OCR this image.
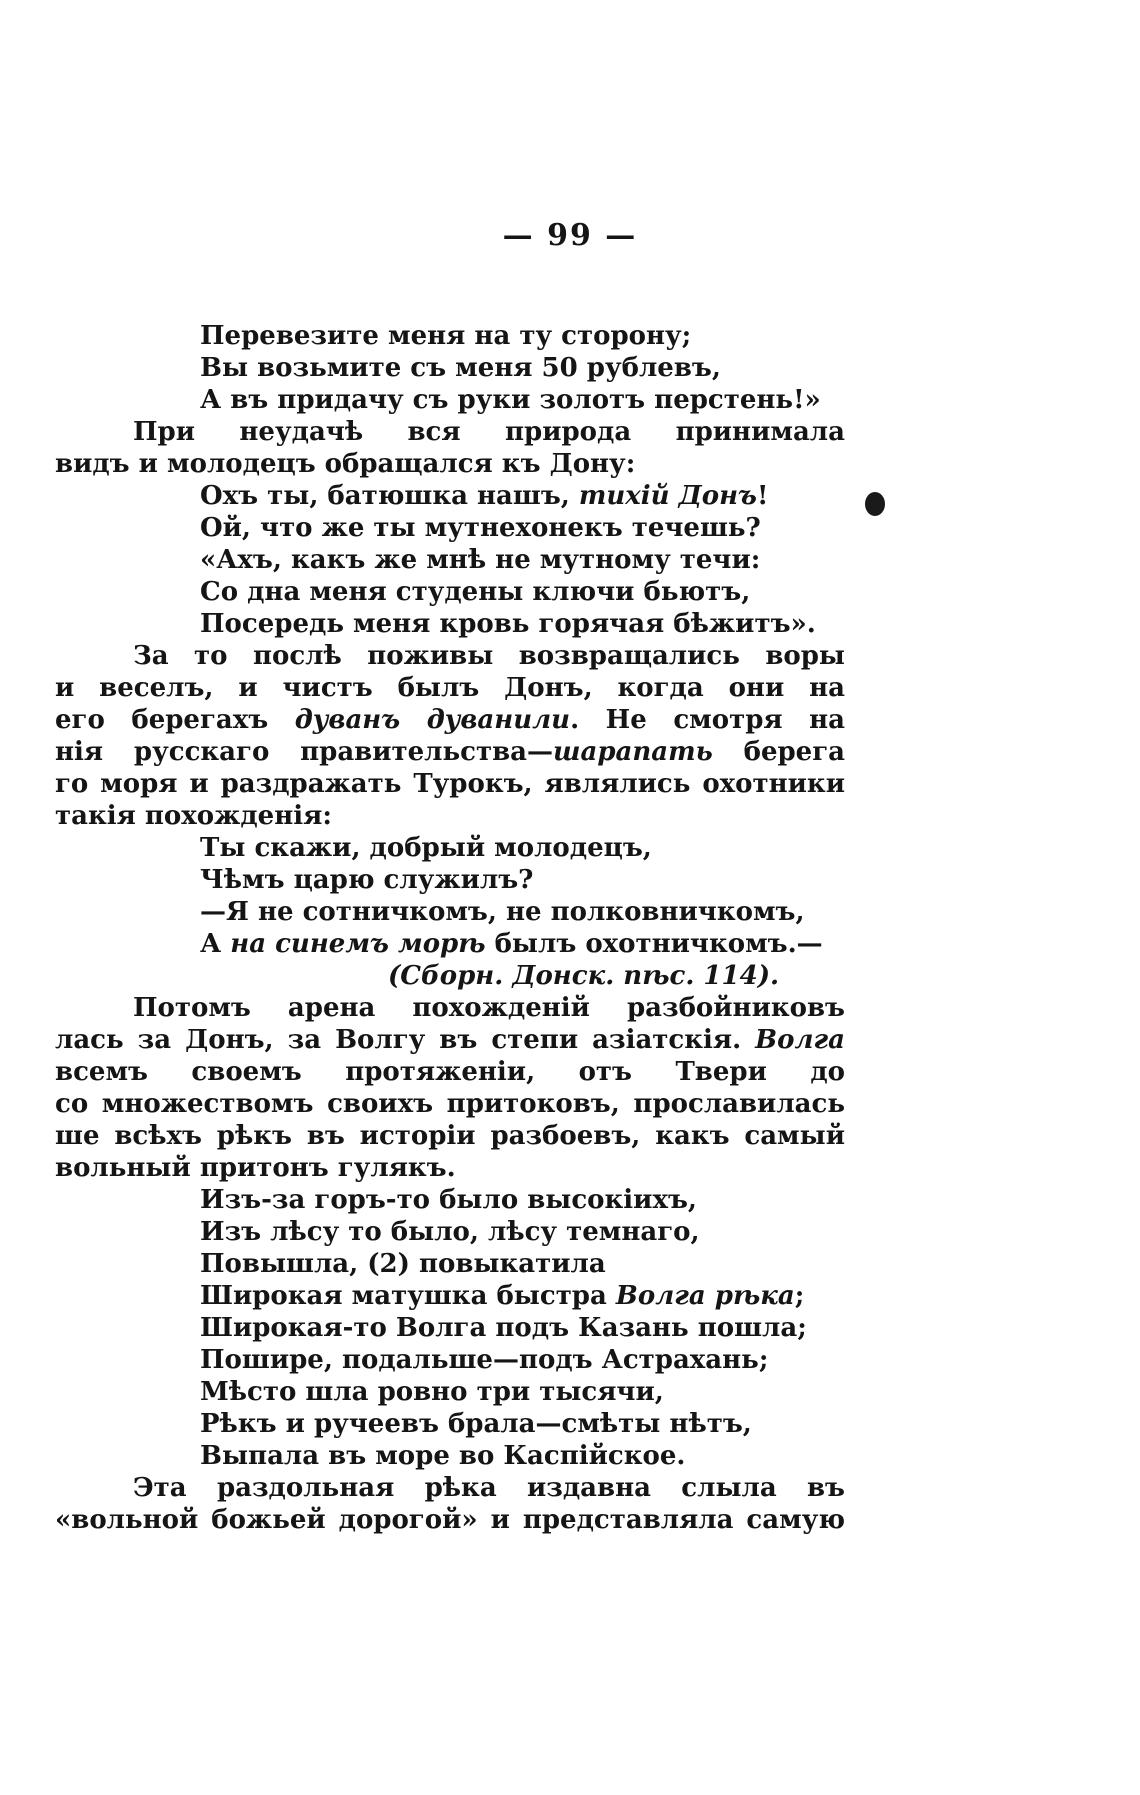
— 99 —
Перевезите меня на ту сторону;
Вы возьмите съ меня 50 рублевъ,
А въ придачу съ руки золотъ перстень!»
При неудачѣ вся природа принимала
видъ и молодецъ обращался къ Дону:
Охъ ты, батюшка нашъ, тихій Донъ!
Ой, что же ты мутнехонекъ течешь?
«Ахъ, какъ же мнѣ не мутному течи:
Со дна меня студены ключи бьютъ,
Посередь меня кровь горячая бѣжитъ».
За то послѣ поживы возвращались воры
и веселъ, и чистъ былъ Донъ, когда они на
его берегахъ дуванъ дуванили. Не смотря на
нія русскаго правительства—шарапать берега
го моря и раздражать Турокъ, являлись охотники
такія похожденія:
Ты скажи, добрый молодецъ,
Чѣмъ царю служилъ?
—Я не сотничкомъ, не полковничкомъ,
А на синемъ морѣ былъ охотничкомъ.—
(Сборн. Донск. пѣс. 114).
Потомъ арена похожденій разбойниковъ
лась за Донъ, за Волгу въ степи азіатскія. Волга
всемъ своемъ протяженіи, отъ Твери до
со множествомъ своихъ притоковъ, прославилась
ше всѣхъ рѣкъ въ исторіи разбоевъ, какъ самый
вольный притонъ гулякъ.
Изъ-за горъ-то было высокіихъ,
Изъ лѣсу то было, лѣсу темнаго,
Повышла, (2) повыкатила
Широкая матушка быстра Волга рѣка;
Широкая-то Волга подъ Казань пошла;
Пошире, подальше—подъ Астрахань;
Мѣсто шла ровно три тысячи,
Рѣкъ и ручеевъ брала—смѣты нѣтъ,
Выпала въ море во Каспійское.
Эта раздольная рѣка издавна слыла въ
«вольной божьей дорогой» и представляла самую
